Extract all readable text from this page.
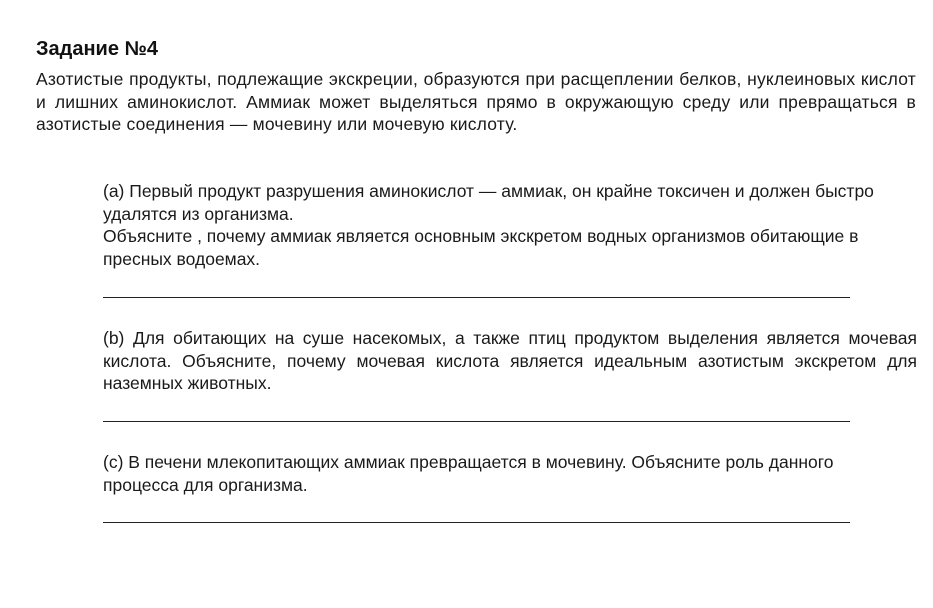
Задание №4
Азотистые продукты, подлежащие экскреции, образуются при расщеплении белков, нуклеиновых кислот и лишних аминокислот. Аммиак может выделяться прямо в окружающую среду или превращаться в азотистые соединения — мочевину или мочевую кислоту.

(a) Первый продукт разрушения аминокислот — аммиак, он крайне токсичен и должен быстро удалятся из организма.

Объясните , почему аммиак является основным экскретом водных организмов обитающие в пресных водоемах.

(b) Для обитающих на суше насекомых, а также птиц продуктом выделения является мочевая кислота. Объясните, почему мочевая кислота является идеальным азотистым экскретом для наземных животных.

(c) В печени млекопитающих аммиак превращается в мочевину. Объясните роль данного процесса для организма.
